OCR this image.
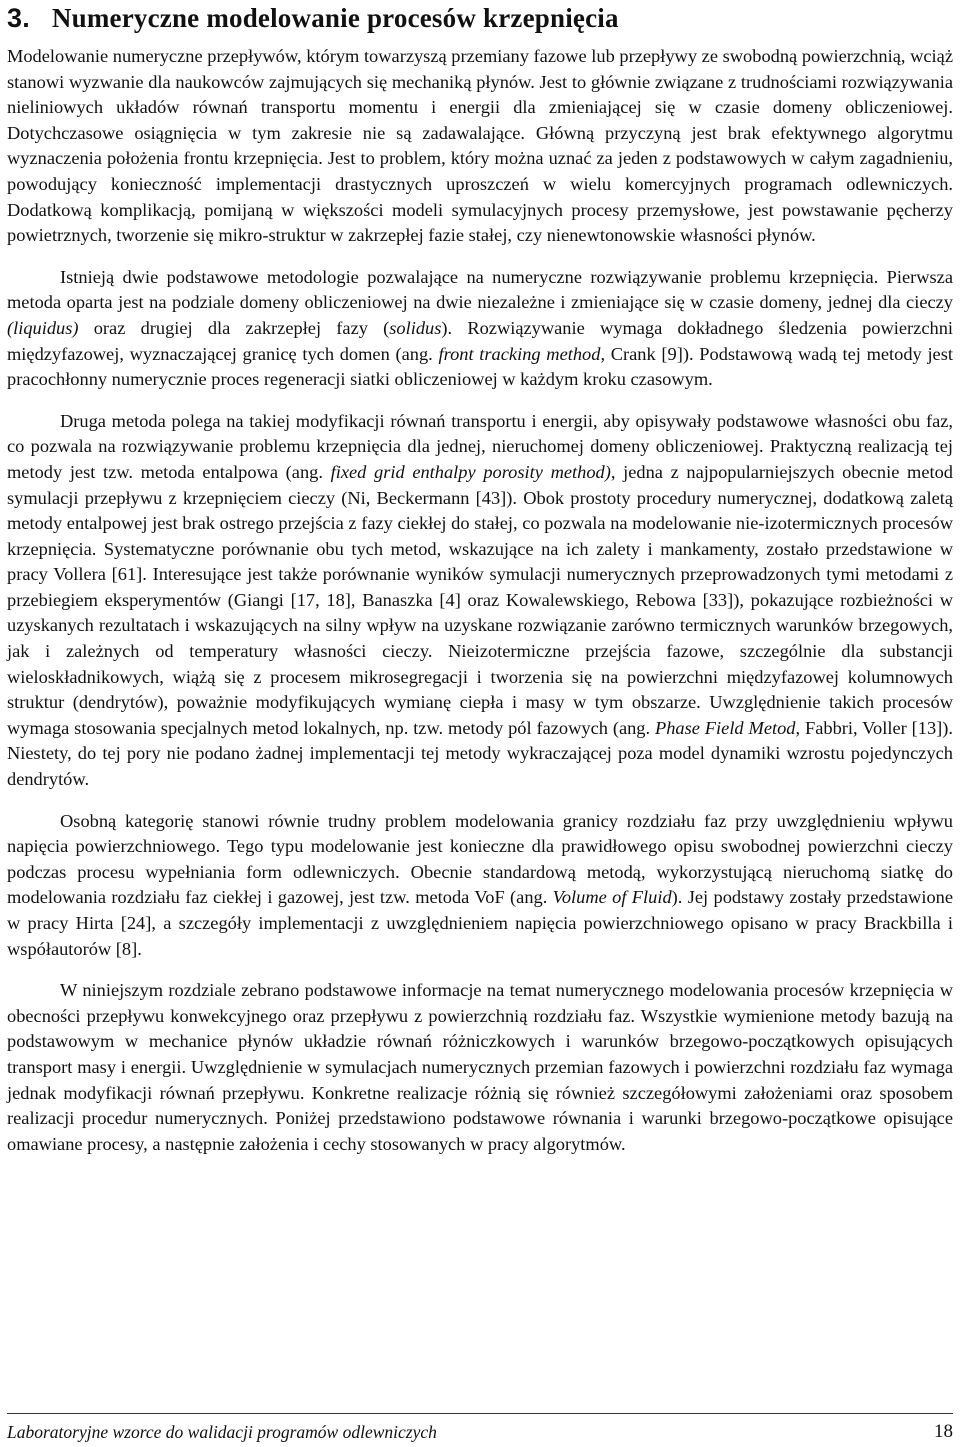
3. Numeryczne modelowanie procesów krzepnięcia

Modelowanie numeryczne przepływów, którym towarzyszą przemiany fazowe lub przepływy ze swobodną powierzchnią, wciąż stanowi wyzwanie dla naukowców zajmujących się mechaniką płynów. Jest to głównie związane z trudnościami rozwiązywania nieliniowych układów równań transportu momentu i energii dla zmieniającej się w czasie domeny obliczeniowej. Dotychczasowe osiągnięcia w tym zakresie nie są zadawalające. Główną przyczyną jest brak efektywnego algorytmu wyznaczenia położenia frontu krzepnięcia. Jest to problem, który można uznać za jeden z podstawowych w całym zagadnieniu, powodujący konieczność implementacji drastycznych uproszczeń w wielu komercyjnych programach odlewniczych. Dodatkową komplikacją, pomijaną w większości modeli symulacyjnych procesy przemysłowe, jest powstawanie pęcherzy powietrznych, tworzenie się mikro-struktur w zakrzepłej fazie stałej, czy nienewtonowskie własności płynów.

Istnieją dwie podstawowe metodologie pozwalające na numeryczne rozwiązywanie problemu krzepnięcia. Pierwsza metoda oparta jest na podziale domeny obliczeniowej na dwie niezależne i zmieniające się w czasie domeny, jednej dla cieczy (liquidus) oraz drugiej dla zakrzepłej fazy (solidus). Rozwiązywanie wymaga dokładnego śledzenia powierzchni międzyfazowej, wyznaczającej granicę tych domen (ang. front tracking method, Crank [9]). Podstawową wadą tej metody jest pracochłonny numerycznie proces regeneracji siatki obliczeniowej w każdym kroku czasowym.

Druga metoda polega na takiej modyfikacji równań transportu i energii, aby opisywały podstawowe własności obu faz, co pozwala na rozwiązywanie problemu krzepnięcia dla jednej, nieruchomej domeny obliczeniowej. Praktyczną realizacją tej metody jest tzw. metoda entalpowa (ang. fixed grid enthalpy porosity method), jedna z najpopularniejszych obecnie metod symulacji przepływu z krzepnięciem cieczy (Ni, Beckermann [43]). Obok prostoty procedury numerycznej, dodatkową zaletą metody entalpowej jest brak ostrego przejścia z fazy ciekłej do stałej, co pozwala na modelowanie nie-izotermicznych procesów krzepnięcia. Systematyczne porównanie obu tych metod, wskazujące na ich zalety i mankamenty, zostało przedstawione w pracy Vollera [61]. Interesujące jest także porównanie wyników symulacji numerycznych przeprowadzonych tymi metodami z przebiegiem eksperymentów (Giangi [17, 18], Banaszka [4] oraz Kowalewskiego, Rebowa [33]), pokazujące rozbieżności w uzyskanych rezultatach i wskazujących na silny wpływ na uzyskane rozwiązanie zarówno termicznych warunków brzegowych, jak i zależnych od temperatury własności cieczy. Nieizotermiczne przejścia fazowe, szczególnie dla substancji wieloskładnikowych, wiążą się z procesem mikrosegregacji i tworzenia się na powierzchni międzyfazowej kolumnowych struktur (dendrytów), poważnie modyfikujących wymianę ciepła i masy w tym obszarze. Uwzględnienie takich procesów wymaga stosowania specjalnych metod lokalnych, np. tzw. metody pól fazowych (ang. Phase Field Metod, Fabbri, Voller [13]). Niestety, do tej pory nie podano żadnej implementacji tej metody wykraczającej poza model dynamiki wzrostu pojedynczych dendrytów.

Osobną kategorię stanowi równie trudny problem modelowania granicy rozdziału faz przy uwzględnieniu wpływu napięcia powierzchniowego. Tego typu modelowanie jest konieczne dla prawidłowego opisu swobodnej powierzchni cieczy podczas procesu wypełniania form odlewniczych. Obecnie standardową metodą, wykorzystującą nieruchomą siatkę do modelowania rozdziału faz ciekłej i gazowej, jest tzw. metoda VoF (ang. Volume of Fluid). Jej podstawy zostały przedstawione w pracy Hirta [24], a szczegóły implementacji z uwzględnieniem napięcia powierzchniowego opisano w pracy Brackbilla i współautorów [8].

W niniejszym rozdziale zebrano podstawowe informacje na temat numerycznego modelowania procesów krzepnięcia w obecności przepływu konwekcyjnego oraz przepływu z powierzchnią rozdziału faz. Wszystkie wymienione metody bazują na podstawowym w mechanice płynów układzie równań różniczkowych i warunków brzegowo-początkowych opisujących transport masy i energii. Uwzględnienie w symulacjach numerycznych przemian fazowych i powierzchni rozdziału faz wymaga jednak modyfikacji równań przepływu. Konkretne realizacje różnią się również szczegółowymi założeniami oraz sposobem realizacji procedur numerycznych. Poniżej przedstawiono podstawowe równania i warunki brzegowo-początkowe opisujące omawiane procesy, a następnie założenia i cechy stosowanych w pracy algorytmów.

Laboratoryjne wzorce do walidacji programów odlewniczych	18
